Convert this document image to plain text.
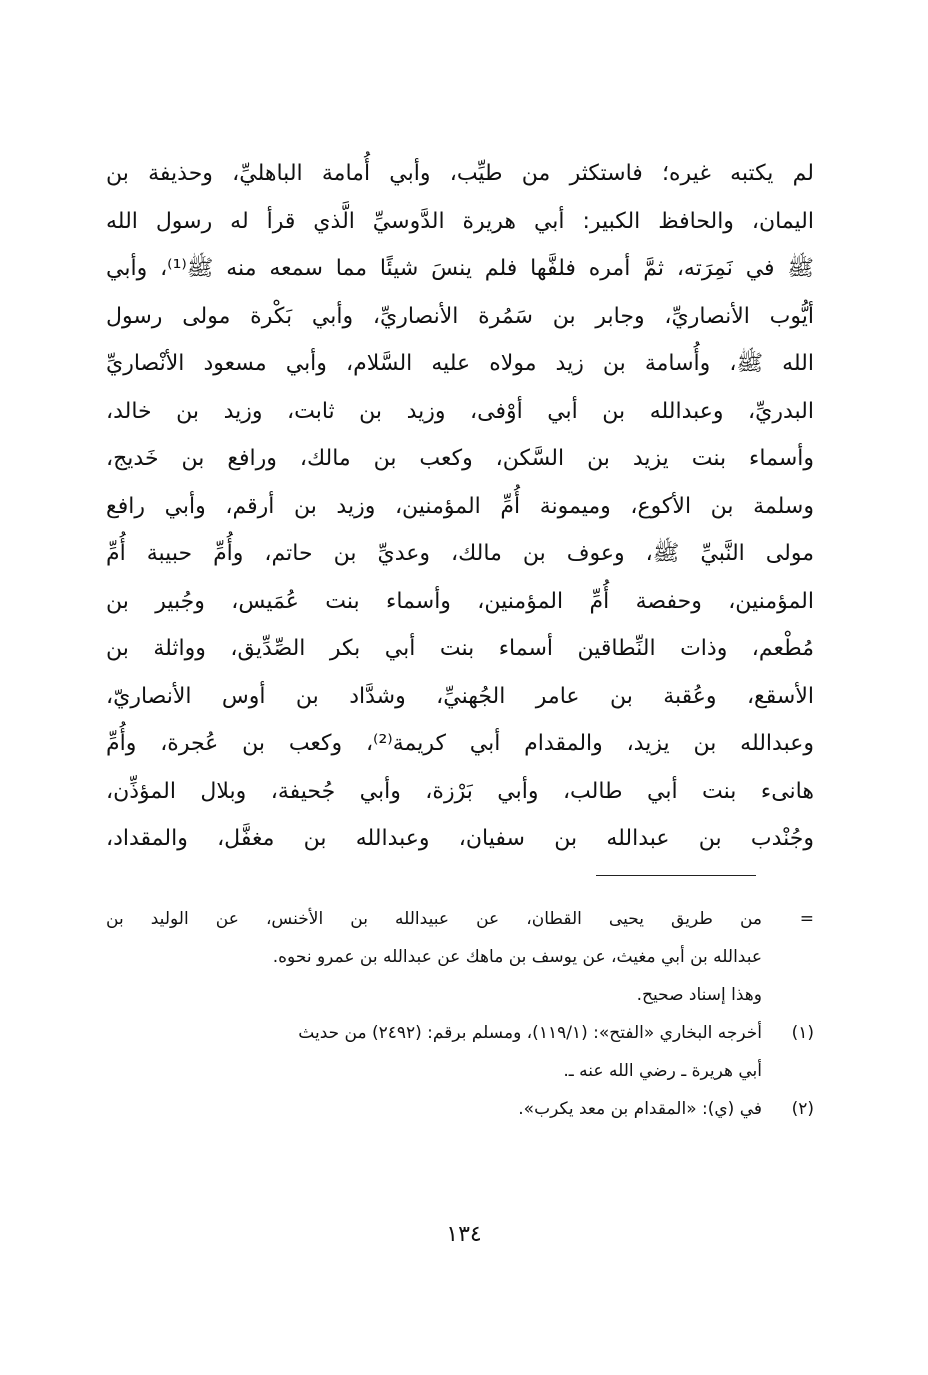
لم يكتبه غيره؛ فاستكثر من طيِّب، وأبي أُمامة الباهليِّ، وحذيفة بن
اليمان، والحافظ الكبير: أبي هريرة الدَّوسيِّ الَّذي قرأ له رسول الله
ﷺ في نَمِرَته، ثمَّ أمره فلفَّها فلم ينسَ شيئًا مما سمعه منه ﷺ⁽¹⁾، وأبي
أيُّوب الأنصاريِّ، وجابر بن سَمُرة الأنصاريِّ، وأبي بَكْرة مولى رسول
الله ﷺ، وأُسامة بن زيد مولاه عليه السَّلام، وأبي مسعود الأنْصاريِّ
البدريِّ، وعبدالله بن أبي أوْفى، وزيد بن ثابت، وزيد بن خالد،
وأسماء بنت يزيد بن السَّكن، وكعب بن مالك، ورافع بن خَديج،
وسلمة بن الأكوع، وميمونة أُمِّ المؤمنين، وزيد بن أرقم، وأبي رافع
مولى النَّبيِّ ﷺ، وعوف بن مالك، وعديِّ بن حاتم، وأُمِّ حبيبة أُمِّ
المؤمنين، وحفصة أُمِّ المؤمنين، وأسماء بنت عُمَيس، وجُبير بن
مُطْعم، وذات النِّطاقين أسماء بنت أبي بكر الصِّدِّيق، وواثلة بن
الأسقع، وعُقبة بن عامر الجُهنيِّ، وشدَّاد بن أوس الأنصاريّ،
وعبدالله بن يزيد، والمقدام أبي كريمة⁽²⁾، وكعب بن عُجرة، وأُمِّ
هانىء بنت أبي طالب، وأبي بَرْزة، وأبي جُحيفة، وبلال المؤذِّن،
وجُنْدب بن عبدالله بن سفيان، وعبدالله بن مغفَّل، والمقداد،
=
من طريق يحيى القطان، عن عبيدالله بن الأخنس، عن الوليد بن
عبدالله بن أبي مغيث، عن يوسف بن ماهك عن عبدالله بن عمرو نحوه.
وهذا إسناد صحيح.
(١)
أخرجه البخاري «الفتح»: (١١٩/١)، ومسلم برقم: (٢٤٩٢) من حديث
أبي هريرة ـ رضي الله عنه ـ.
(٢)
في (ي): «المقدام بن معد يكرب».
١٣٤
